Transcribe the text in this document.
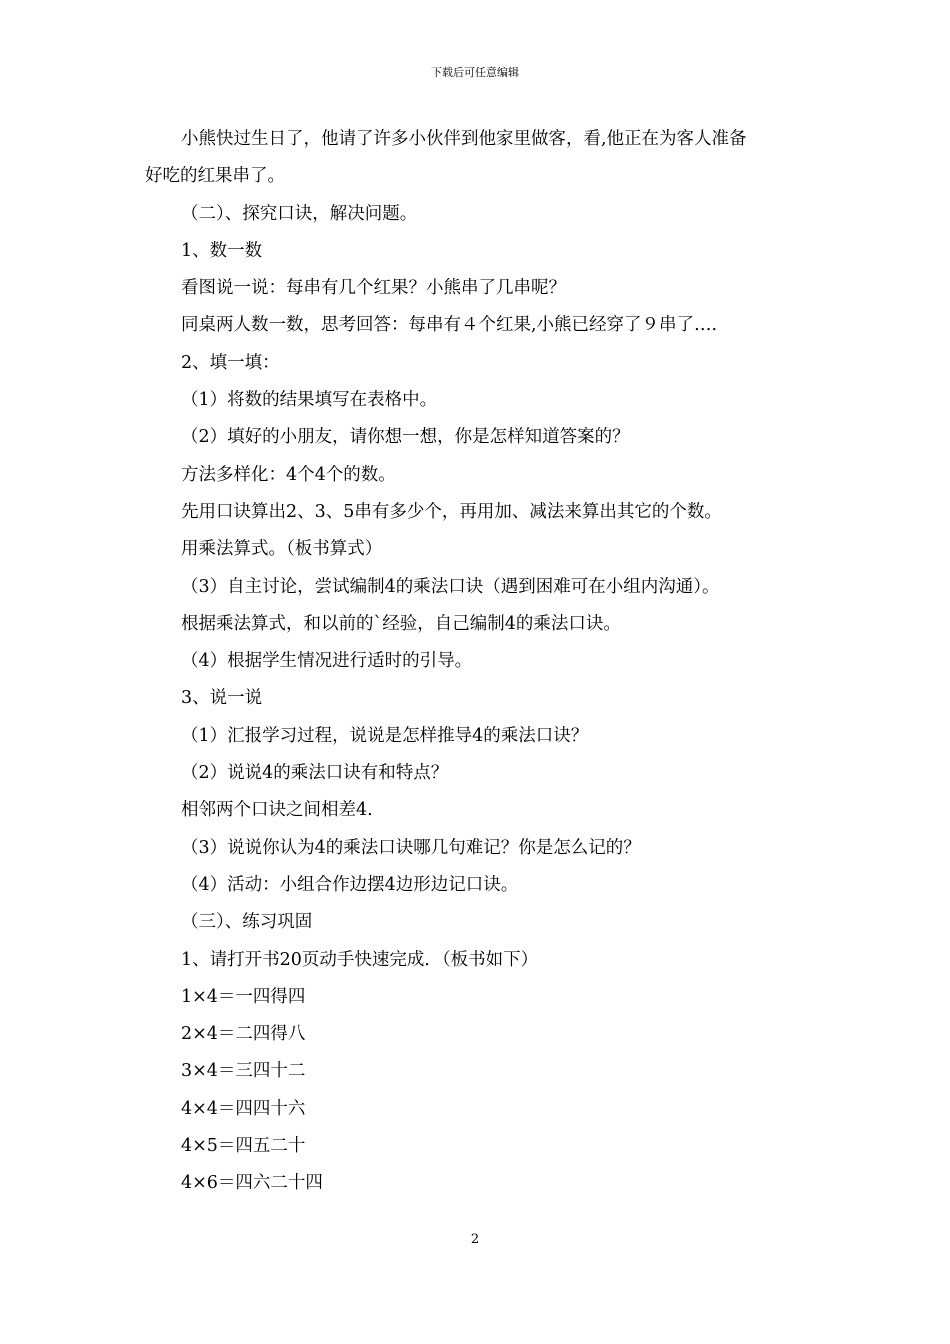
下载后可任意编辑
小熊快过生日了，他请了许多小伙伴到他家里做客，看,他正在为客人准备
好吃的红果串了。
（二）、探究口诀，解决问题。
1、数一数
看图说一说：每串有几个红果？小熊串了几串呢？
同桌两人数一数，思考回答：每串有４个红果,小熊已经穿了９串了….
2、填一填：
（1）将数的结果填写在表格中。
（2）填好的小朋友，请你想一想，你是怎样知道答案的？
方法多样化：4个4个的数。
先用口诀算出2、3、5串有多少个，再用加、减法来算出其它的个数。
用乘法算式。（板书算式）
（3）自主讨论，尝试编制4的乘法口诀（遇到困难可在小组内沟通）。
根据乘法算式，和以前的`经验，自己编制4的乘法口诀。
（4）根据学生情况进行适时的引导。
3、说一说
（1）汇报学习过程，说说是怎样推导4的乘法口诀？
（2）说说4的乘法口诀有和特点？
相邻两个口诀之间相差4.
（3）说说你认为4的乘法口诀哪几句难记？你是怎么记的？
（4）活动：小组合作边摆4边形边记口诀。
（三）、练习巩固
1、请打开书20页动手快速完成．（板书如下）
1×4＝一四得四
2×4＝二四得八
3×4＝三四十二
4×4＝四四十六
4×5＝四五二十
4×6＝四六二十四
2
